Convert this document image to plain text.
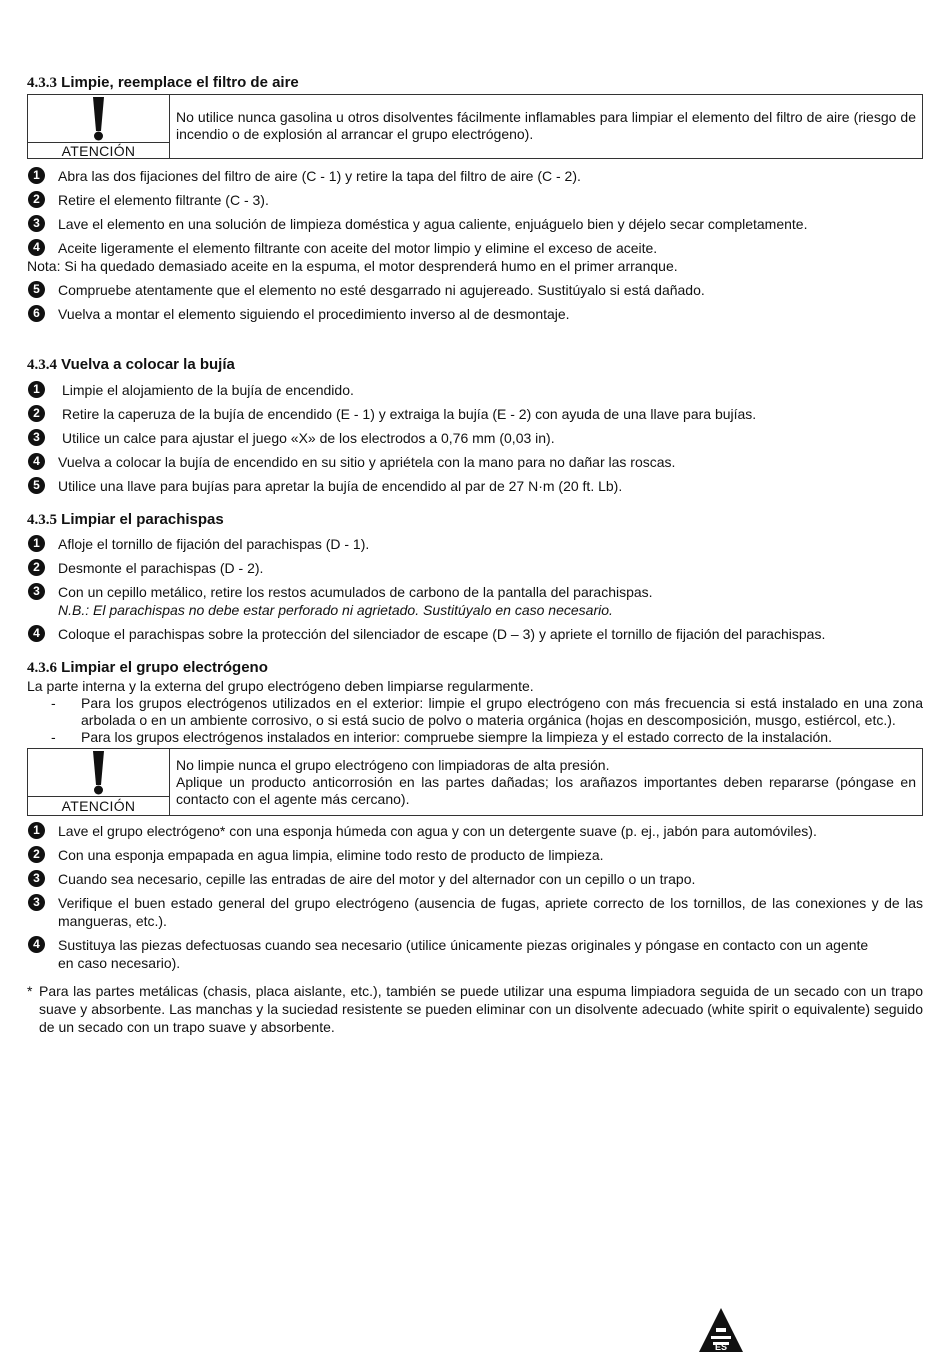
4.3.3 Limpie, reemplace el filtro de aire
ATENCIÓN
No utilice nunca gasolina u otros disolventes fácilmente inflamables para limpiar el elemento del filtro de aire (riesgo de incendio o de explosión al arrancar el grupo electrógeno).
1	Abra las dos fijaciones del filtro de aire (C - 1) y retire la tapa del filtro de aire (C - 2).
2	Retire el elemento filtrante (C - 3).
3	Lave el elemento en una solución de limpieza doméstica y agua caliente, enjuáguelo bien y déjelo secar completamente.
4	Aceite ligeramente el elemento filtrante con aceite del motor limpio y elimine el exceso de aceite.
Nota: Si ha quedado demasiado aceite en la espuma, el motor desprenderá humo en el primer arranque.
5	Compruebe atentamente que el elemento no esté desgarrado ni agujereado. Sustitúyalo si está dañado.
6	Vuelva a montar el elemento siguiendo el procedimiento inverso al de desmontaje.
4.3.4 Vuelva a colocar la bujía
1	Limpie el alojamiento de la bujía de encendido.
2	Retire la caperuza de la bujía de encendido (E - 1) y extraiga la bujía (E - 2) con ayuda de una llave para bujías.
3	Utilice un calce para ajustar el juego «X» de los electrodos a 0,76 mm (0,03 in).
4	Vuelva a colocar la bujía de encendido en su sitio y apriétela con la mano para no dañar las roscas.
5	Utilice una llave para bujías para apretar la bujía de encendido al par de 27 N·m (20 ft. Lb).
4.3.5 Limpiar el parachispas
1	Afloje el tornillo de fijación del parachispas (D - 1).
2	Desmonte el parachispas (D - 2).
3	Con un cepillo metálico, retire los restos acumulados de carbono de la pantalla del parachispas.
N.B.: El parachispas no debe estar perforado ni agrietado. Sustitúyalo en caso necesario.
4	Coloque el parachispas sobre la protección del silenciador de escape (D – 3) y apriete el tornillo de fijación del parachispas.
4.3.6 Limpiar el grupo electrógeno
La parte interna y la externa del grupo electrógeno deben limpiarse regularmente.
- Para los grupos electrógenos utilizados en el exterior: limpie el grupo electrógeno con más frecuencia si está instalado en una zona arbolada o en un ambiente corrosivo, o si está sucio de polvo o materia orgánica (hojas en descomposición, musgo, estiércol, etc.).
- Para los grupos electrógenos instalados en interior: compruebe siempre la limpieza y el estado correcto de la instalación.
ATENCIÓN
No limpie nunca el grupo electrógeno con limpiadoras de alta presión.
Aplique un producto anticorrosión en las partes dañadas; los arañazos importantes deben repararse (póngase en contacto con el agente más cercano).
1	Lave el grupo electrógeno* con una esponja húmeda con agua y con un detergente suave (p. ej., jabón para automóviles).
2	Con una esponja empapada en agua limpia, elimine todo resto de producto de limpieza.
3	Cuando sea necesario, cepille las entradas de aire del motor y del alternador con un cepillo o un trapo.
3	Verifique el buen estado general del grupo electrógeno (ausencia de fugas, apriete correcto de los tornillos, de las conexiones y de las mangueras, etc.).
4	Sustituya las piezas defectuosas cuando sea necesario (utilice únicamente piezas originales y póngase en contacto con un agente en caso necesario).
* Para las partes metálicas (chasis, placa aislante, etc.), también se puede utilizar una espuma limpiadora seguida de un secado con un trapo suave y absorbente. Las manchas y la suciedad resistente se pueden eliminar con un disolvente adecuado (white spirit o equivalente) seguido de un secado con un trapo suave y absorbente.
ES
